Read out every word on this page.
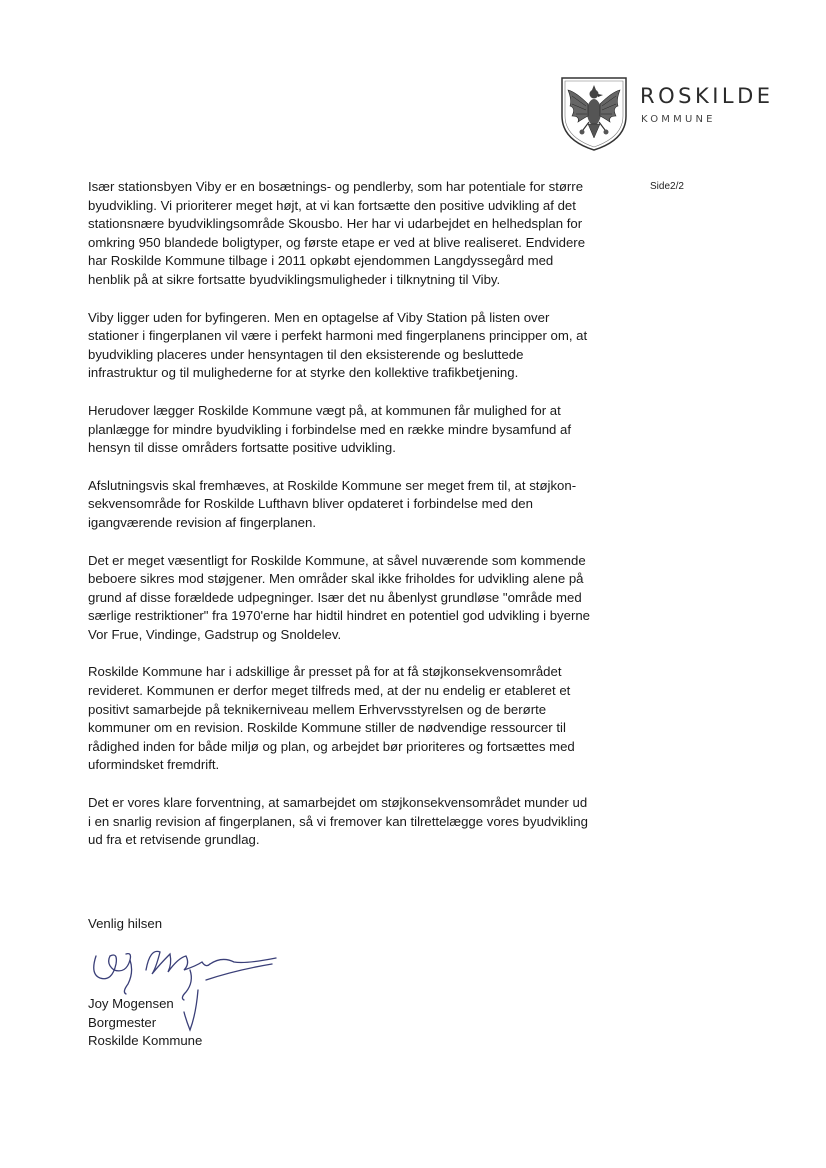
ROSKILDE
KOMMUNE
Side2/2

Især stationsbyen Viby er en bosætnings- og pendlerby, som har potentiale for større
byudvikling. Vi prioriterer meget højt, at vi kan fortsætte den positive udvikling af det
stationsnære byudviklingsområde Skousbo. Her har vi udarbejdet en helhedsplan for
omkring 950 blandede boligtyper, og første etape er ved at blive realiseret. Endvidere
har Roskilde Kommune tilbage i 2011 opkøbt ejendommen Langdyssegård med
henblik på at sikre fortsatte byudviklingsmuligheder i tilknytning til Viby.

Viby ligger uden for byfingeren. Men en optagelse af Viby Station på listen over
stationer i fingerplanen vil være i perfekt harmoni med fingerplanens principper om, at
byudvikling placeres under hensyntagen til den eksisterende og besluttede
infrastruktur og til mulighederne for at styrke den kollektive trafikbetjening.

Herudover lægger Roskilde Kommune vægt på, at kommunen får mulighed for at
planlægge for mindre byudvikling i forbindelse med en række mindre bysamfund af
hensyn til disse områders fortsatte positive udvikling.

Afslutningsvis skal fremhæves, at Roskilde Kommune ser meget frem til, at støjkon-
sekvensområde for Roskilde Lufthavn bliver opdateret i forbindelse med den
igangværende revision af fingerplanen.

Det er meget væsentligt for Roskilde Kommune, at såvel nuværende som kommende
beboere sikres mod støjgener. Men områder skal ikke friholdes for udvikling alene på
grund af disse forældede udpegninger. Især det nu åbenlyst grundløse "område med
særlige restriktioner" fra 1970'erne har hidtil hindret en potentiel god udvikling i byerne
Vor Frue, Vindinge, Gadstrup og Snoldelev.

Roskilde Kommune har i adskillige år presset på for at få støjkonsekvensområdet
revideret. Kommunen er derfor meget tilfreds med, at der nu endelig er etableret et
positivt samarbejde på teknikerniveau mellem Erhvervsstyrelsen og de berørte
kommuner om en revision. Roskilde Kommune stiller de nødvendige ressourcer til
rådighed inden for både miljø og plan, og arbejdet bør prioriteres og fortsættes med
uformindsket fremdrift.

Det er vores klare forventning, at samarbejdet om støjkonsekvensområdet munder ud
i en snarlig revision af fingerplanen, så vi fremover kan tilrettelægge vores byudvikling
ud fra et retvisende grundlag.

Venlig hilsen
Joy Mogensen
Borgmester
Roskilde Kommune
